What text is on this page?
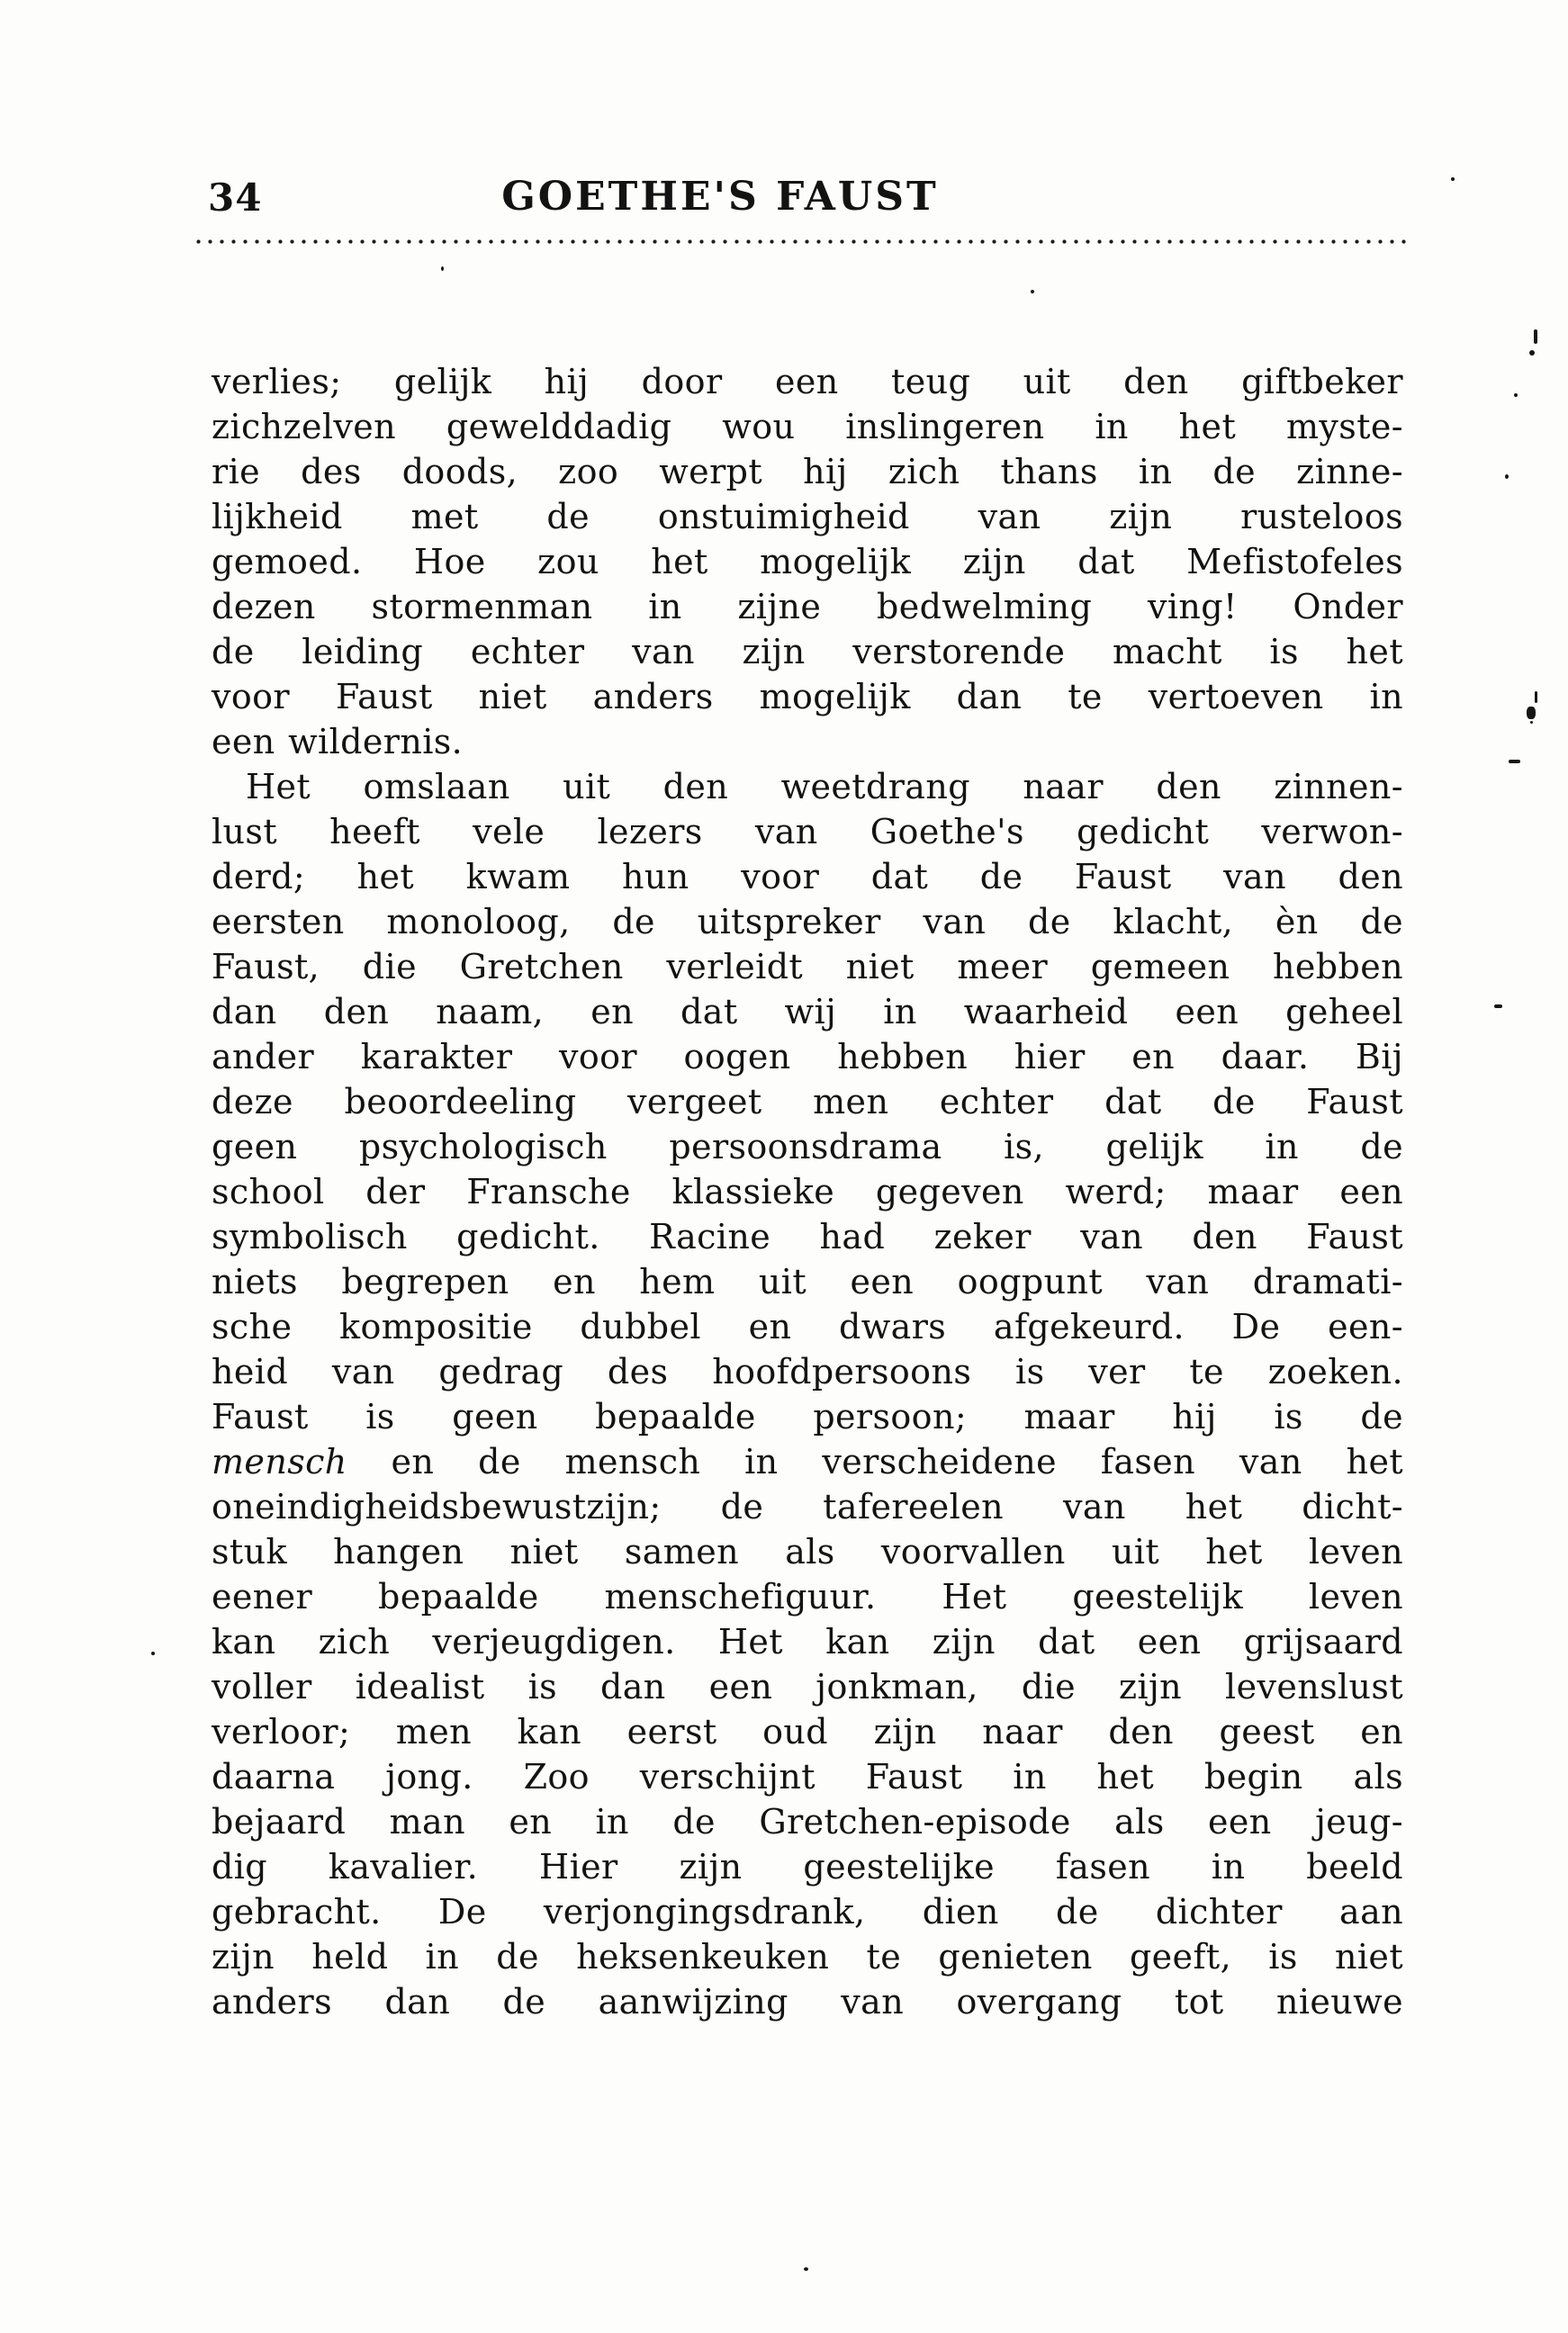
34	GOETHE'S FAUST
verlies; gelijk hij door een teug uit den giftbeker
zichzelven gewelddadig wou inslingeren in het myste-
rie des doods, zoo werpt hij zich thans in de zinne-
lijkheid met de onstuimigheid van zijn rusteloos
gemoed. Hoe zou het mogelijk zijn dat Mefistofeles
dezen stormenman in zijne bedwelming ving! Onder
de leiding echter van zijn verstorende macht is het
voor Faust niet anders mogelijk dan te vertoeven in
een wildernis.
Het omslaan uit den weetdrang naar den zinnen-
lust heeft vele lezers van Goethe's gedicht verwon-
derd; het kwam hun voor dat de Faust van den
eersten monoloog, de uitspreker van de klacht, èn de
Faust, die Gretchen verleidt niet meer gemeen hebben
dan den naam, en dat wij in waarheid een geheel
ander karakter voor oogen hebben hier en daar. Bij
deze beoordeeling vergeet men echter dat de Faust
geen psychologisch persoonsdrama is, gelijk in de
school der Fransche klassieke gegeven werd; maar een
symbolisch gedicht. Racine had zeker van den Faust
niets begrepen en hem uit een oogpunt van dramati-
sche kompositie dubbel en dwars afgekeurd. De een-
heid van gedrag des hoofdpersoons is ver te zoeken.
Faust is geen bepaalde persoon; maar hij is de
mensch en de mensch in verscheidene fasen van het
oneindigheidsbewustzijn; de tafereelen van het dicht-
stuk hangen niet samen als voorvallen uit het leven
eener bepaalde menschefiguur. Het geestelijk leven
kan zich verjeugdigen. Het kan zijn dat een grijsaard
voller idealist is dan een jonkman, die zijn levenslust
verloor; men kan eerst oud zijn naar den geest en
daarna jong. Zoo verschijnt Faust in het begin als
bejaard man en in de Gretchen-episode als een jeug-
dig kavalier. Hier zijn geestelijke fasen in beeld
gebracht. De verjongingsdrank, dien de dichter aan
zijn held in de heksenkeuken te genieten geeft, is niet
anders dan de aanwijzing van overgang tot nieuwe
